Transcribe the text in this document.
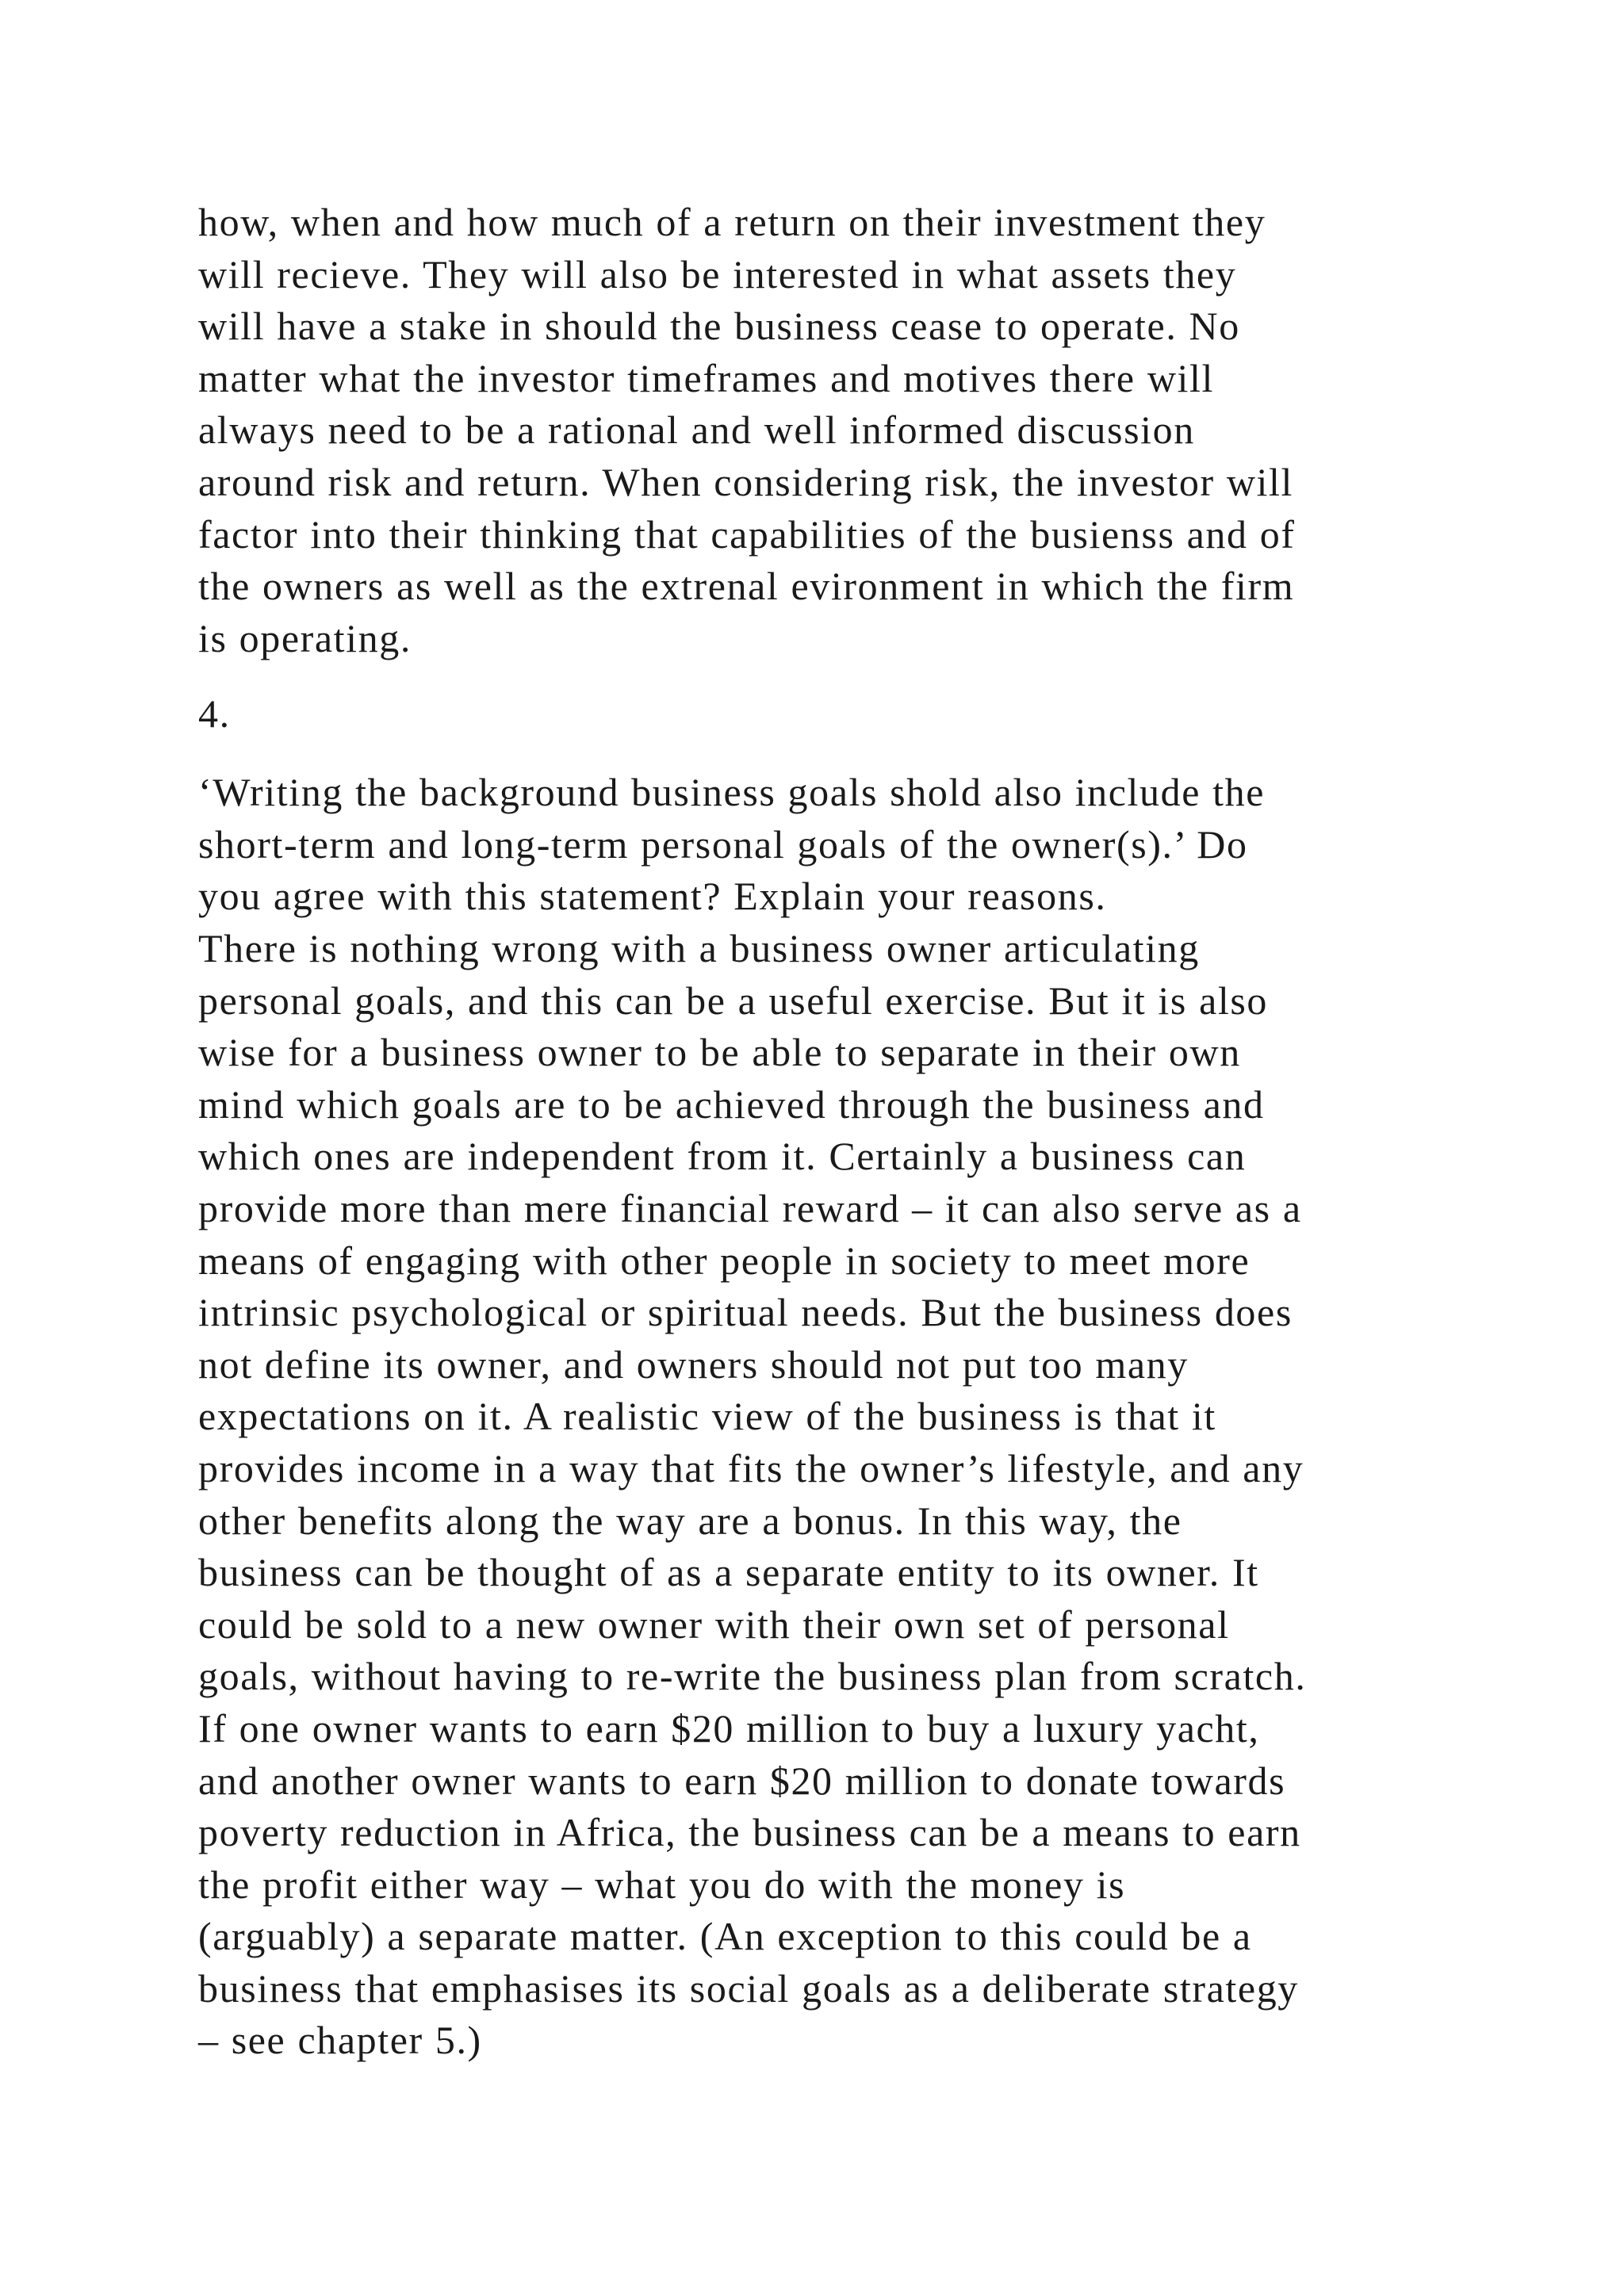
how, when and how much of a return on their investment they
will recieve. They will also be interested in what assets they
will have a stake in should the business cease to operate. No
matter what the investor timeframes and motives there will
always need to be a rational and well informed discussion
around risk and return. When considering risk, the investor will
factor into their thinking that capabilities of the busienss and of
the owners as well as the extrenal evironment in which the firm
is operating.

4.

‘Writing the background business goals shold also include the
short-term and long-term personal goals of the owner(s).’ Do
you agree with this statement? Explain your reasons.

There is nothing wrong with a business owner articulating
personal goals, and this can be a useful exercise. But it is also
wise for a business owner to be able to separate in their own
mind which goals are to be achieved through the business and
which ones are independent from it. Certainly a business can
provide more than mere financial reward – it can also serve as a
means of engaging with other people in society to meet more
intrinsic psychological or spiritual needs. But the business does
not define its owner, and owners should not put too many
expectations on it. A realistic view of the business is that it
provides income in a way that fits the owner’s lifestyle, and any
other benefits along the way are a bonus. In this way, the
business can be thought of as a separate entity to its owner. It
could be sold to a new owner with their own set of personal
goals, without having to re-write the business plan from scratch.
If one owner wants to earn $20 million to buy a luxury yacht,
and another owner wants to earn $20 million to donate towards
poverty reduction in Africa, the business can be a means to earn
the profit either way – what you do with the money is
(arguably) a separate matter. (An exception to this could be a
business that emphasises its social goals as a deliberate strategy
– see chapter 5.)
